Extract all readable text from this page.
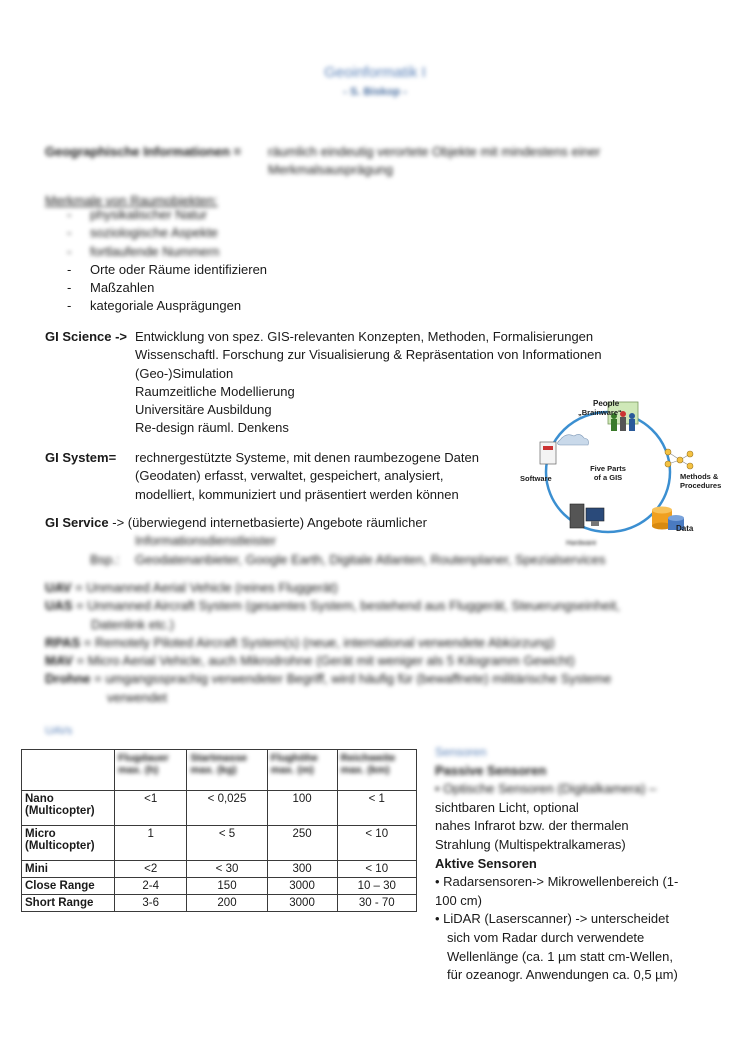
Geoinformatik I
- S. Biskop -
Geographische Informationen = räumlich eindeutig verortete Objekte mit mindestens einer
Merkmalsausprägung
Merkmale von Raumobjekten:
- physikalischer Natur
- soziologische Aspekte
- fortlaufende Nummern
- Orte oder Räume identifizieren
- Maßzahlen
- kategoriale Ausprägungen
GI Science -> Entwicklung von spez. GIS-relevanten Konzepten, Methoden, Formalisierungen
Wissenschaftl. Forschung zur Visualisierung & Repräsentation von Informationen
(Geo-)Simulation
Raumzeitliche Modellierung
Universitäre Ausbildung
Re-design räuml. Denkens
GI System= rechnergestützte Systeme, mit denen raumbezogene Daten
(Geodaten) erfasst, verwaltet, gespeichert, analysiert,
modelliert, kommuniziert und präsentiert werden können
GI Service -> (überwiegend internetbasierte) Angebote räumlicher
Informationsdienstleister
Bsp.: Geodatenanbieter, Google Earth, Digitale Atlanten, Routenplaner, Spezialservices
People
„Brainware“
Five Parts of a GIS	Methods & Procedures
Data
Hardware
Software
UAV = Unmanned Aerial Vehicle (reines Fluggerät)
UAS = Unmanned Aircraft System (gesamtes System, bestehend aus Fluggerät, Steuerungseinheit,
Datenlink etc.)
RPAS = Remotely Piloted Aircraft System(s) (neue, international verwendete Abkürzung)
MAV = Micro Aerial Vehicle, auch Mikrodrohne (Gerät mit weniger als 5 Kilogramm Gewicht)
Drohne = umgangssprachig verwendeter Begriff, wird häufig für (bewaffnete) militärische Systeme
verwendet
UAVs
	Flugdauer max. (h)	Startmasse max. (kg)	Flughöhe max. (m)	Reichweite max. (km)
Nano (Multicopter)	<1	< 0,025	100	< 1
Micro (Multicopter)	1	< 5	250	< 10
Mini	<2	< 30	300	< 10
Close Range	2-4	150	3000	10 – 30
Short Range	3-6	200	3000	30 - 70
Sensoren
Passive Sensoren
• Optische Sensoren (Digitalkamera) –
sichtbaren Licht, optional
nahes Infrarot bzw. der thermalen
Strahlung (Multispektralkameras)
Aktive Sensoren
• Radarsensoren-> Mikrowellenbereich (1-
100 cm)
• LiDAR (Laserscanner) -> unterscheidet
sich vom Radar durch verwendete
Wellenlänge (ca. 1 µm statt cm-Wellen,
für ozeanogr. Anwendungen ca. 0,5 µm)
